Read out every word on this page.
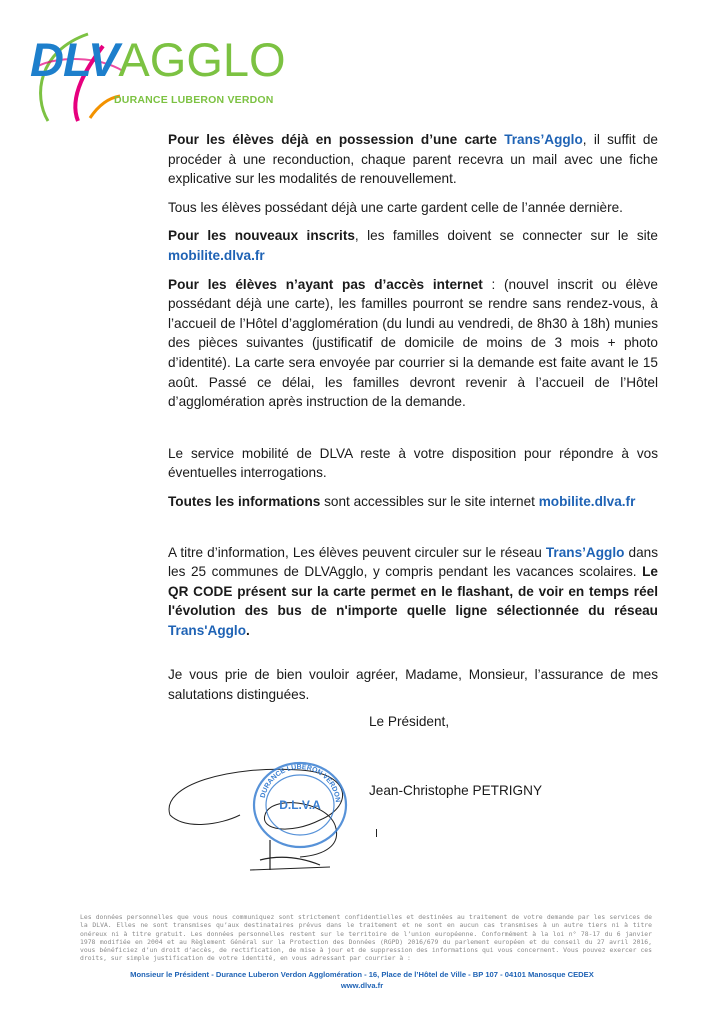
DLVAGGLO
DURANCE LUBERON VERDON

Pour les élèves déjà en possession d’une carte Trans’Agglo, il suffit de procéder à une reconduction, chaque parent recevra un mail avec une fiche explicative sur les modalités de renouvellement.

Tous les élèves possédant déjà une carte gardent celle de l’année dernière.

Pour les nouveaux inscrits, les familles doivent se connecter sur le site mobilite.dlva.fr

Pour les élèves n’ayant pas d’accès internet : (nouvel inscrit ou élève possédant déjà une carte), les familles pourront se rendre sans rendez-vous, à l’accueil de l’Hôtel d’agglomération (du lundi au vendredi, de 8h30 à 18h) munies des pièces suivantes (justificatif de domicile de moins de 3 mois + photo d’identité). La carte sera envoyée par courrier si la demande est faite avant le 15 août. Passé ce délai, les familles devront revenir à l’accueil de l’Hôtel d’agglomération après instruction de la demande.

Le service mobilité de DLVA reste à votre disposition pour répondre à vos éventuelles interrogations.

Toutes les informations sont accessibles sur le site internet mobilite.dlva.fr

A titre d’information, Les élèves peuvent circuler sur le réseau Trans’Agglo dans les 25 communes de DLVAgglo, y compris pendant les vacances scolaires. Le QR CODE présent sur la carte permet en le flashant, de voir en temps réel l'évolution des bus de n'importe quelle ligne sélectionnée du réseau Trans'Agglo.

Je vous prie de bien vouloir agréer, Madame, Monsieur, l’assurance de mes salutations distinguées.

Le Président,
DURANCE LUBERON VERDON
D.L.V.A
Jean-Christophe PETRIGNY
Les données personnelles que vous nous communiquez sont strictement confidentielles et destinées au traitement de votre demande par les services de la DLVA. Elles ne sont transmises qu’aux destinataires prévus dans le traitement et ne sont en aucun cas transmises à un autre tiers ni à titre onéreux ni à titre gratuit. Les données personnelles restent sur le territoire de l’union européenne. Conformément à la loi n° 78-17 du 6 janvier 1978 modifiée en 2004 et au Règlement Général sur la Protection des Données (RGPD) 2016/679 du parlement européen et du conseil du 27 avril 2016, vous bénéficiez d’un droit d’accès, de rectification, de mise à jour et de suppression des informations qui vous concernent. Vous pouvez exercer ces droits, sur simple justification de votre identité, en vous adressant par courrier à :
Monsieur le Président - Durance Luberon Verdon Agglomération - 16, Place de l’Hôtel de Ville - BP 107 - 04101 Manosque CEDEX
www.dlva.fr
